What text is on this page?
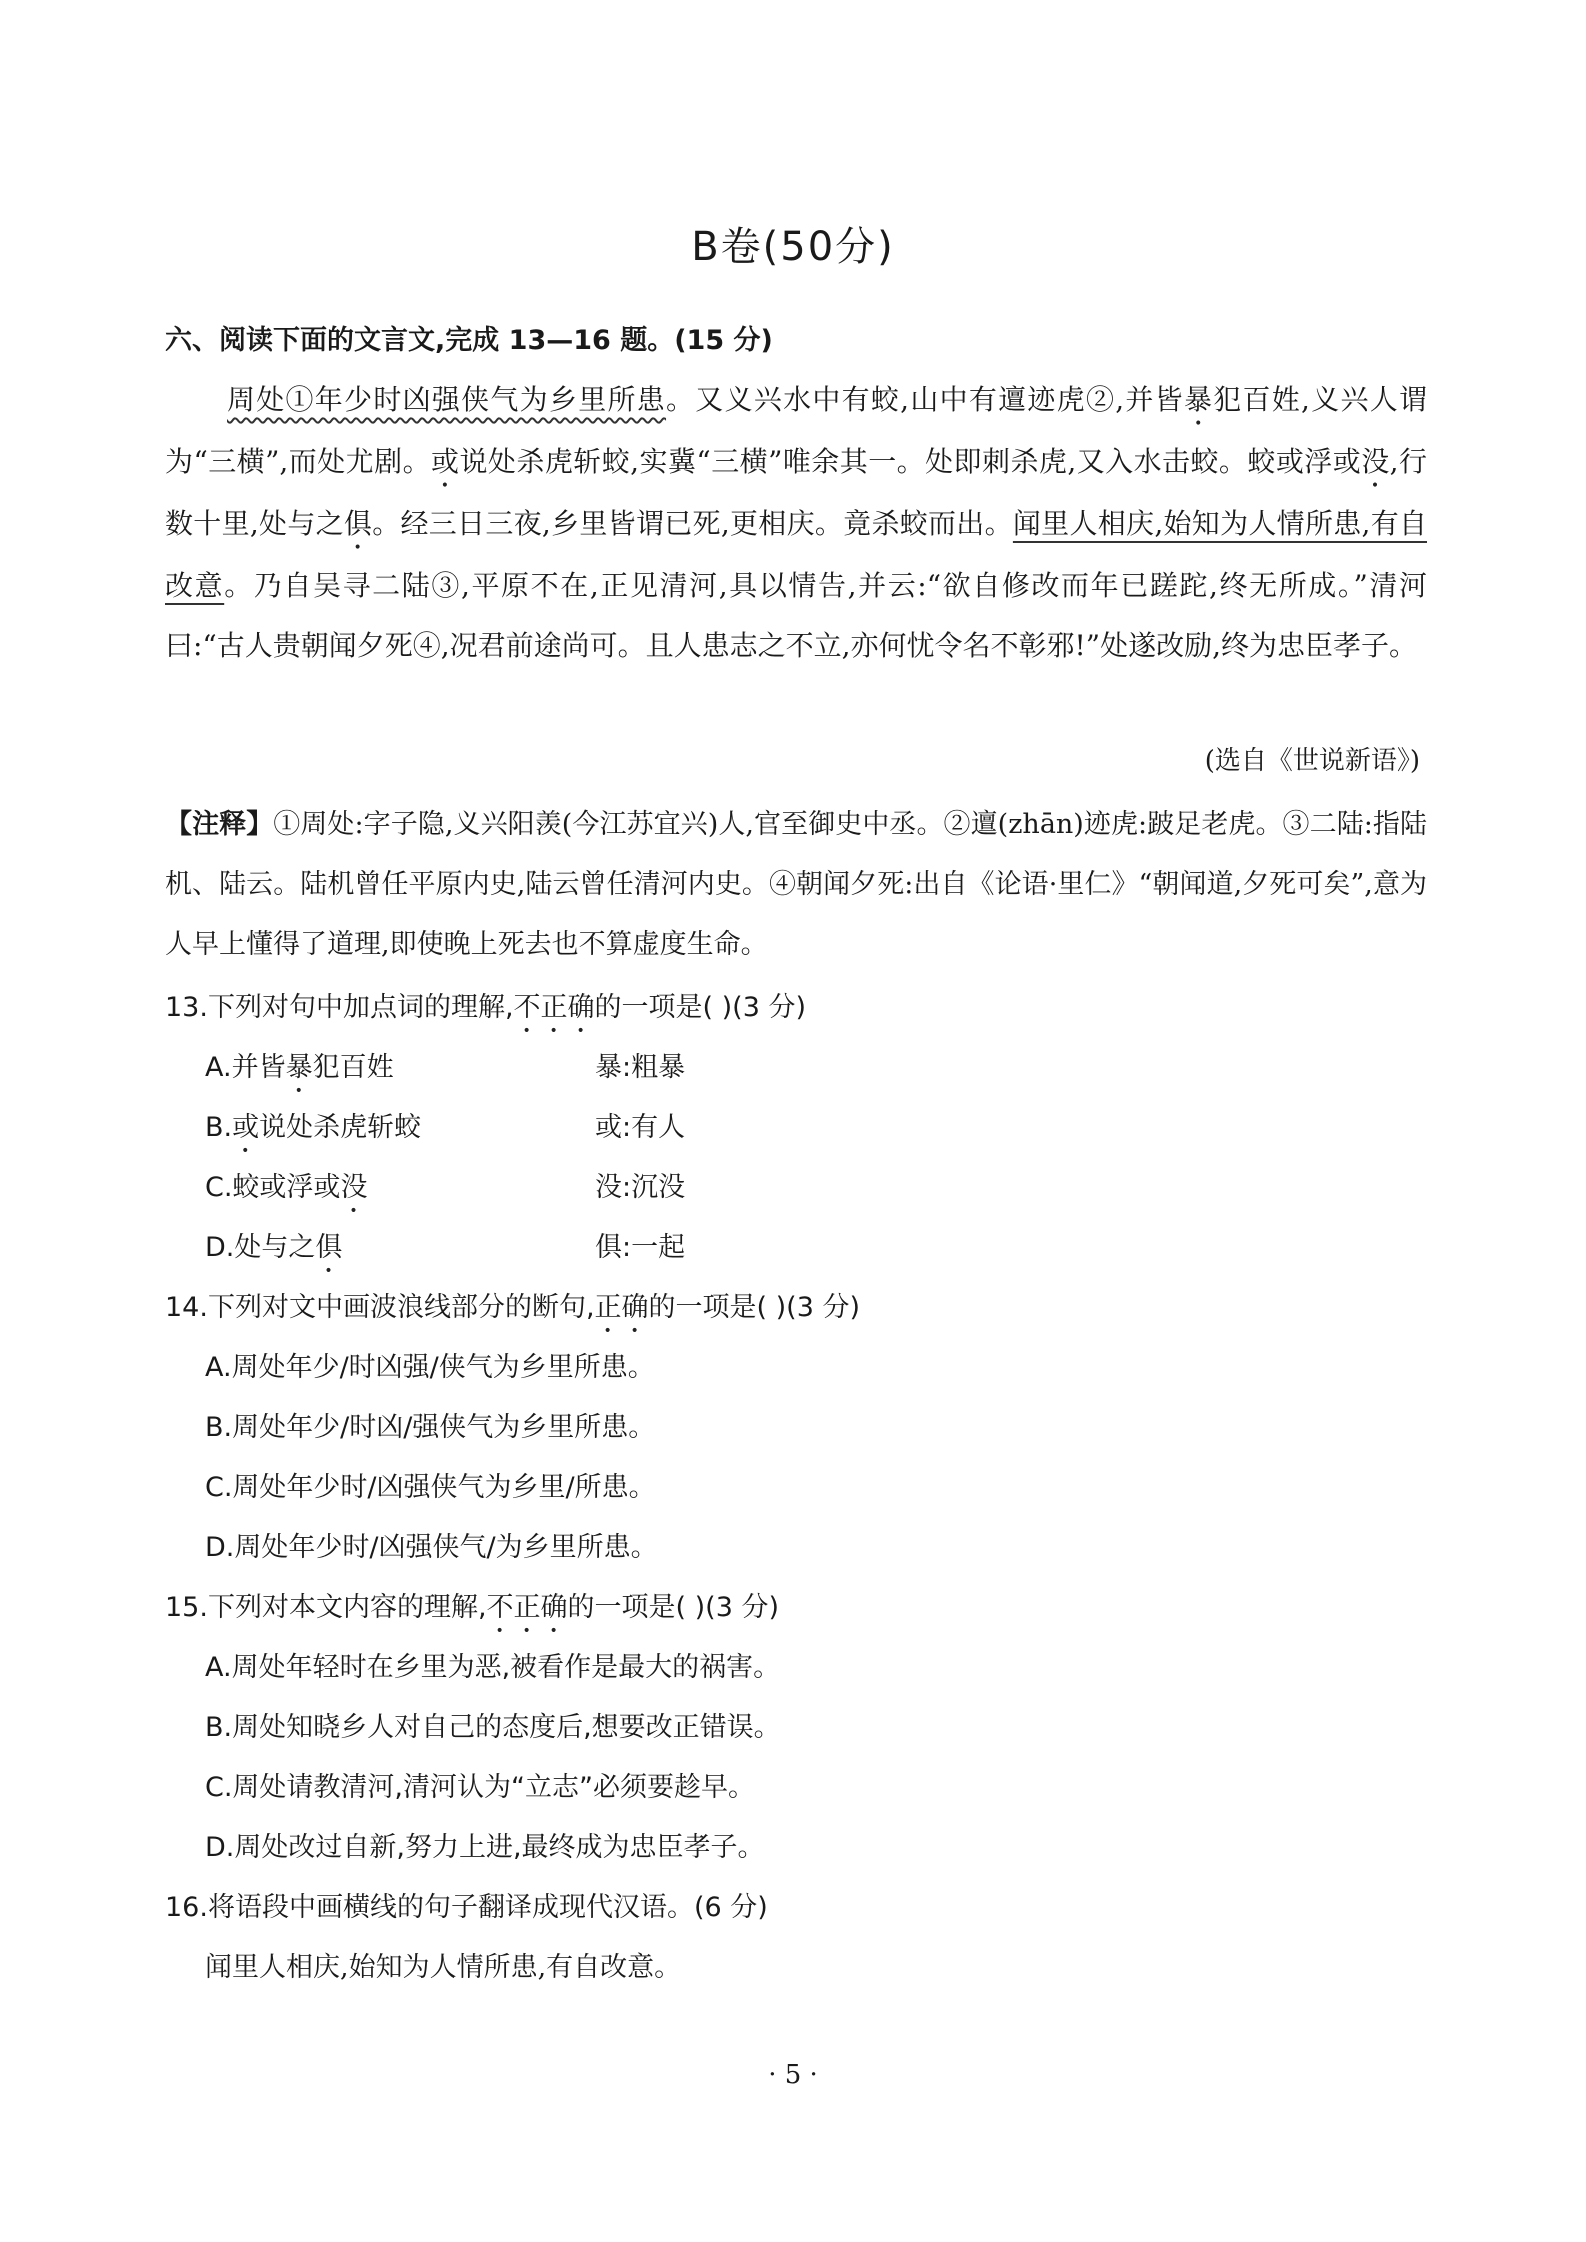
B卷(50分)
六、阅读下面的文言文,完成 13—16 题。(15 分)

周处①年少时凶强侠气为乡里所患。又义兴水中有蛟,山中有邅迹虎②,并皆暴犯百姓,义兴人谓为“三横”,而处尤剧。或说处杀虎斩蛟,实冀“三横”唯余其一。处即刺杀虎,又入水击蛟。蛟或浮或没,行数十里,处与之俱。经三日三夜,乡里皆谓已死,更相庆。竟杀蛟而出。闻里人相庆,始知为人情所患,有自改意。乃自吴寻二陆③,平原不在,正见清河,具以情告,并云:“欲自修改而年已蹉跎,终无所成。”清河曰:“古人贵朝闻夕死④,况君前途尚可。且人患志之不立,亦何忧令名不彰邪!”处遂改励,终为忠臣孝子。

(选自《世说新语》)
【注释】①周处:字子隐,义兴阳羡(今江苏宜兴)人,官至御史中丞。②邅(zhān)迹虎:跛足老虎。③二陆:指陆机、陆云。陆机曾任平原内史,陆云曾任清河内史。④朝闻夕死:出自《论语·里仁》“朝闻道,夕死可矣”,意为人早上懂得了道理,即使晚上死去也不算虚度生命。
13.下列对句中加点词的理解,不正确的一项是( )(3 分)
A.并皆暴犯百姓	暴:粗暴
B.或说处杀虎斩蛟	或:有人
C.蛟或浮或没	没:沉没
D.处与之俱	俱:一起
14.下列对文中画波浪线部分的断句,正确的一项是( )(3 分)
A.周处年少/时凶强/侠气为乡里所患。
B.周处年少/时凶/强侠气为乡里所患。
C.周处年少时/凶强侠气为乡里/所患。
D.周处年少时/凶强侠气/为乡里所患。
15.下列对本文内容的理解,不正确的一项是( )(3 分)
A.周处年轻时在乡里为恶,被看作是最大的祸害。
B.周处知晓乡人对自己的态度后,想要改正错误。
C.周处请教清河,清河认为“立志”必须要趁早。
D.周处改过自新,努力上进,最终成为忠臣孝子。
16.将语段中画横线的句子翻译成现代汉语。(6 分)
闻里人相庆,始知为人情所患,有自改意。
· 5 ·
